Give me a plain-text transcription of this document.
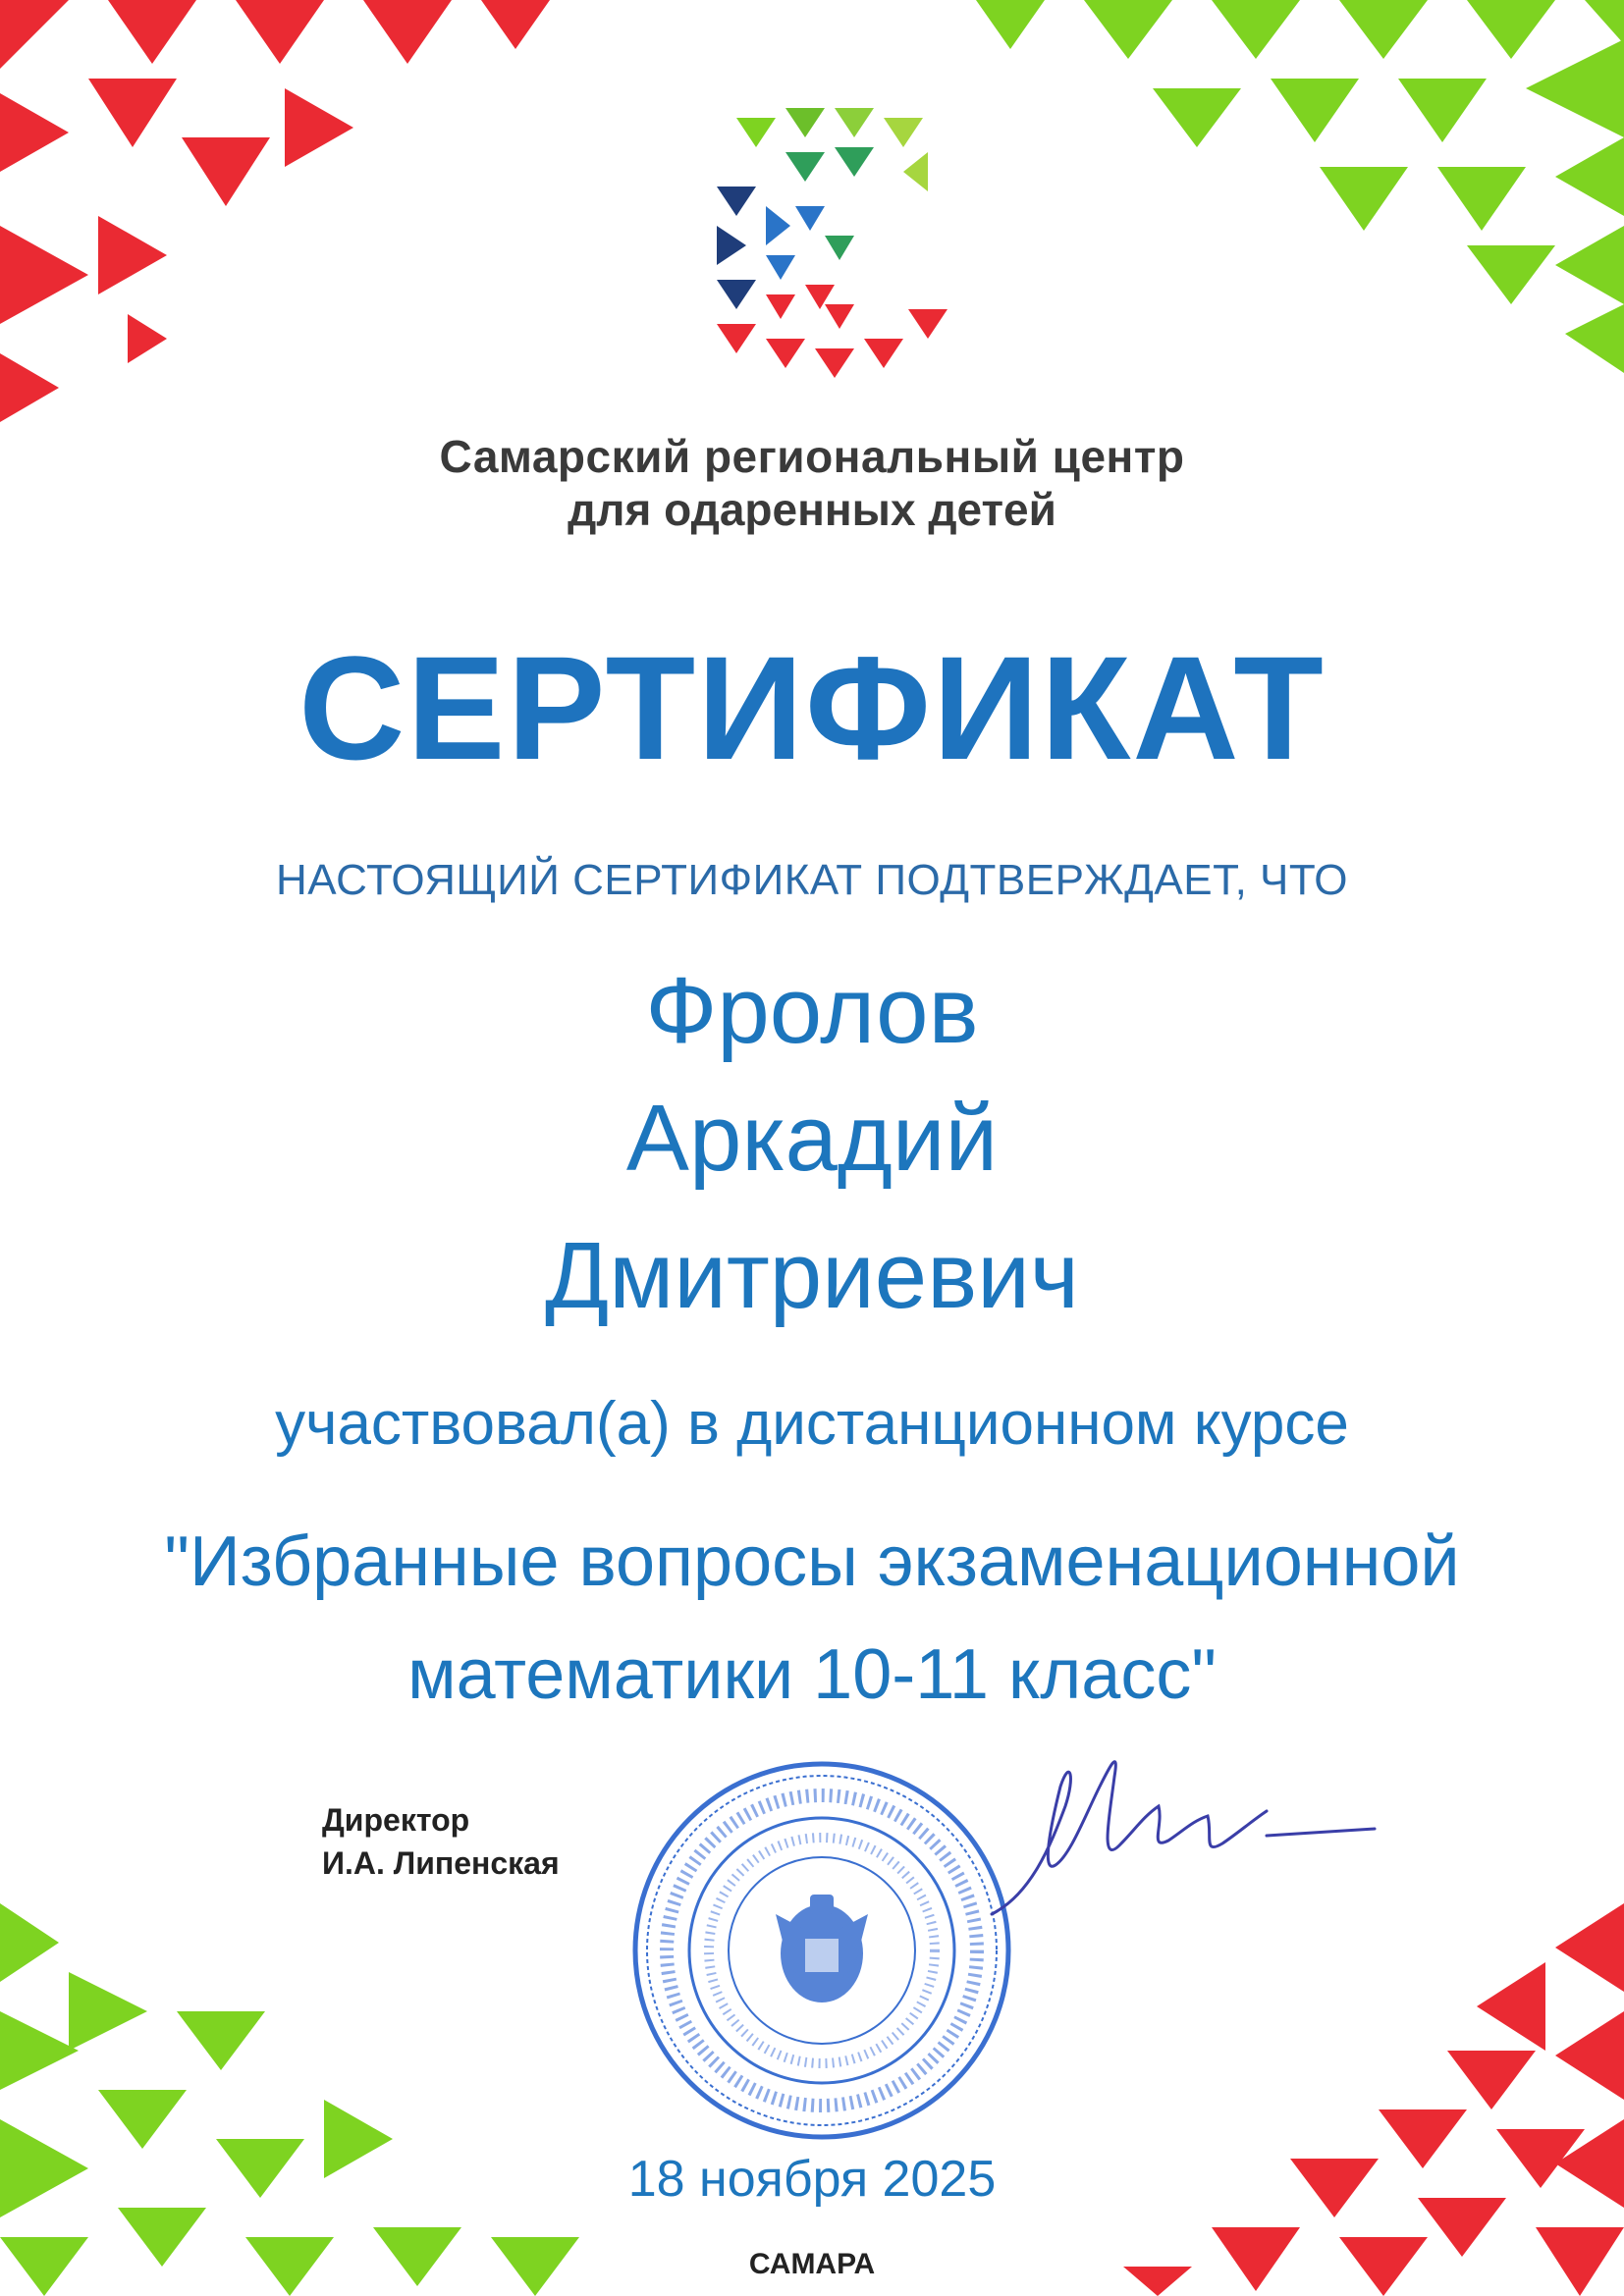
Самарский региональный центр
для одаренных детей
СЕРТИФИКАТ
НАСТОЯЩИЙ СЕРТИФИКАТ ПОДТВЕРЖДАЕТ, ЧТО
Фролов
Аркадий
Дмитриевич
участвовал(а) в дистанционном курсе
"Избранные вопросы экзаменационной
математики 10-11 класс"
Директор
И.А. Липенская
18 ноября 2025
САМАРА
